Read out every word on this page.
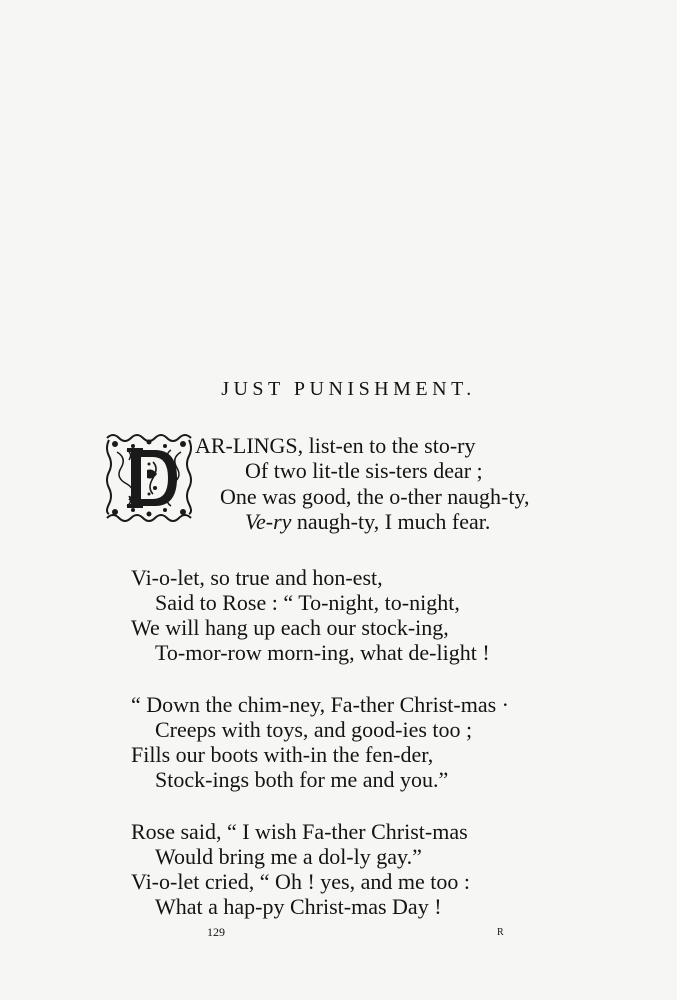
JUST PUNISHMENT.

AR-LINGS, list-en to the sto-ry

Of two lit-tle sis-ters dear ;

One was good, the o-ther naugh-ty,

Ve-ry naugh-ty, I much fear.

Vi-o-let, so true and hon-est,

Said to Rose : “ To-night, to-night,

We will hang up each our stock-ing,

To-mor-row morn-ing, what de-light !

“ Down the chim-ney, Fa-ther Christ-mas ·

Creeps with toys, and good-ies too ;

Fills our boots with-in the fen-der,

Stock-ings both for me and you.”

Rose said, “ I wish Fa-ther Christ-mas

Would bring me a dol-ly gay.”

Vi-o-let cried, “ Oh ! yes, and me too :

What a hap-py Christ-mas Day !

129	R
